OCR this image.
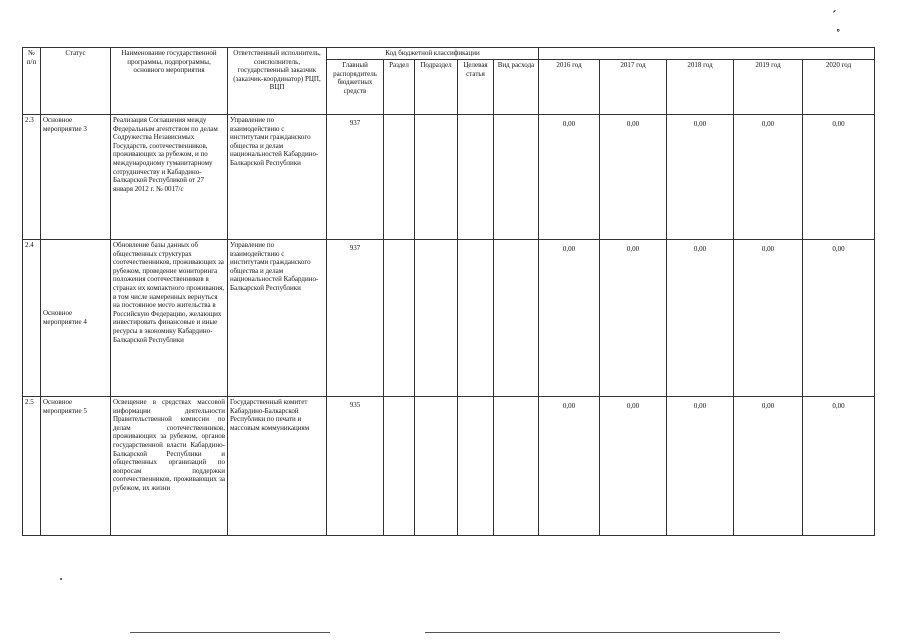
́ ˚
№ п/п	Статус	Наименование государственной программы, подпрограммы, основного мероприятия	Ответственный исполнитель, соисполнитель, государственный заказчик (заказчик-координатор) РЦП, ВЦП	Код бюджетной классификации									
				Главный распорядитель бюджетных средств	Раздел	Подраздел	Целевая статья	Вид расхода	2016 год	2017 год	2018 год	2019 год	2020 год
2.3	Основное мероприятие 3	Реализация Соглашения между Федеральным агентством по делам Содружества Независимых Государств, соотечественников, проживающих за рубежом, и по международному гуманитарному сотрудничеству и Кабардино-Балкарской Республикой от 27 января 2012 г. № 0017/с	Управление по взаимодействию с институтами гражданского общества и делам национальностей Кабардино-Балкарской Республики	937					0,00	0,00	0,00	0,00	0,00
2.4	Основное мероприятие 4	Обновление базы данных об общественных структурах соотечественников, проживающих за рубежом, проведение мониторинга положения соотечественников в странах их компактного проживания, в том числе намеренных вернуться на постоянное место жительства в Российскую Федерацию, желающих инвестировать финансовые и иные ресурсы в экономику Кабардино-Балкарской Республики	Управление по взаимодействию с институтами гражданского общества и делам национальностей Кабардино-Балкарской Республики	937					0,00	0,00	0,00	0,00	0,00
2.5	Основное мероприятие 5	Освещение в средствах массовой информации деятельности Правительственной комиссии по делам соотечественников, проживающих за рубежом, органов государственной власти Кабардино-Балкарской Республики и общественных организаций по вопросам поддержки соотечественников, проживающих за рубежом, их жизни	Государственный комитет Кабардино-Балкарской Республики по печати и массовым коммуникациям	935					0,00	0,00	0,00	0,00	0,00
